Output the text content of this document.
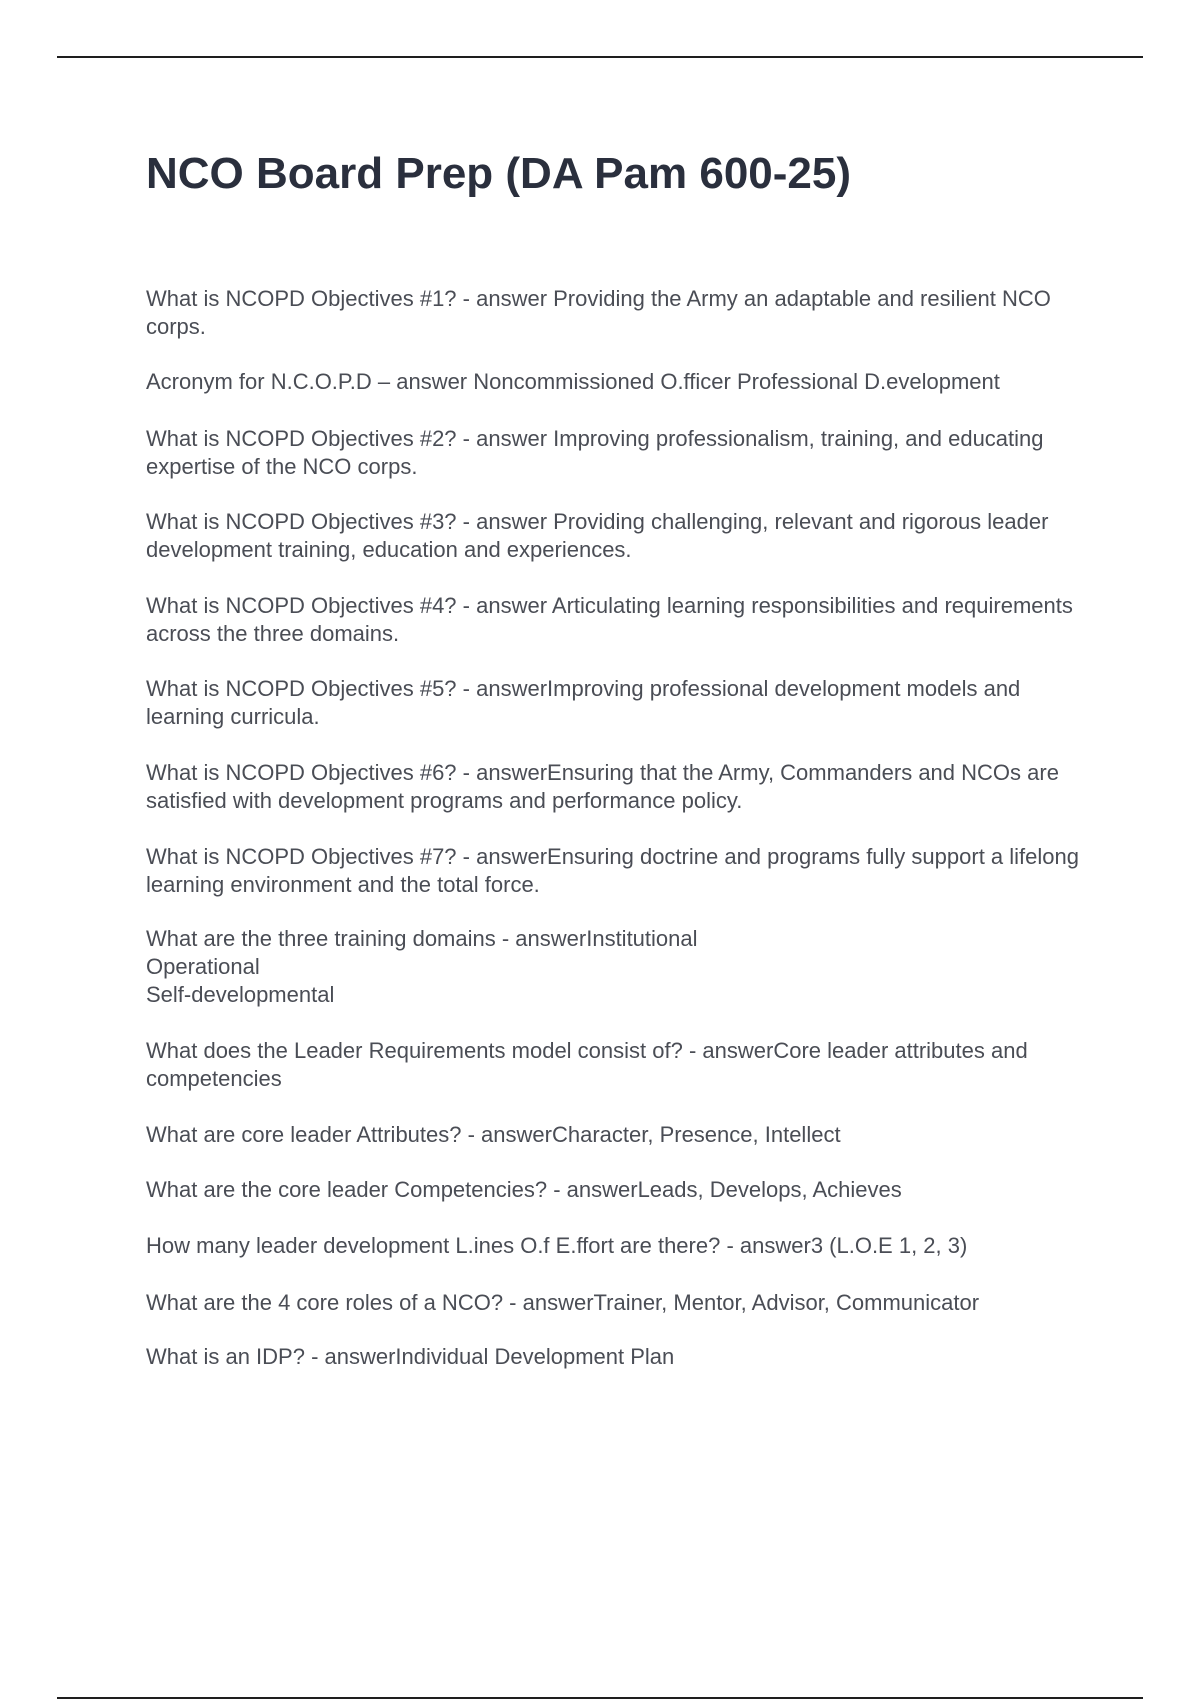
NCO Board Prep (DA Pam 600-25)

What is NCOPD Objectives #1? - answer Providing the Army an adaptable and resilient NCO corps.

Acronym for N.C.O.P.D – answer Noncommissioned O.fficer Professional D.evelopment

What is NCOPD Objectives #2? - answer Improving professionalism, training, and educating expertise of the NCO corps.

What is NCOPD Objectives #3? - answer Providing challenging, relevant and rigorous leader development training, education and experiences.

What is NCOPD Objectives #4? - answer Articulating learning responsibilities and requirements across the three domains.

What is NCOPD Objectives #5? - answerImproving professional development models and learning curricula.

What is NCOPD Objectives #6? - answerEnsuring that the Army, Commanders and NCOs are satisfied with development programs and performance policy.

What is NCOPD Objectives #7? - answerEnsuring doctrine and programs fully support a lifelong learning environment and the total force.

What are the three training domains - answerInstitutional
Operational
Self-developmental

What does the Leader Requirements model consist of? - answerCore leader attributes and competencies

What are core leader Attributes? - answerCharacter, Presence, Intellect

What are the core leader Competencies? - answerLeads, Develops, Achieves

How many leader development L.ines O.f E.ffort are there? - answer3 (L.O.E 1, 2, 3)

What are the 4 core roles of a NCO? - answerTrainer, Mentor, Advisor, Communicator

What is an IDP? - answerIndividual Development Plan
